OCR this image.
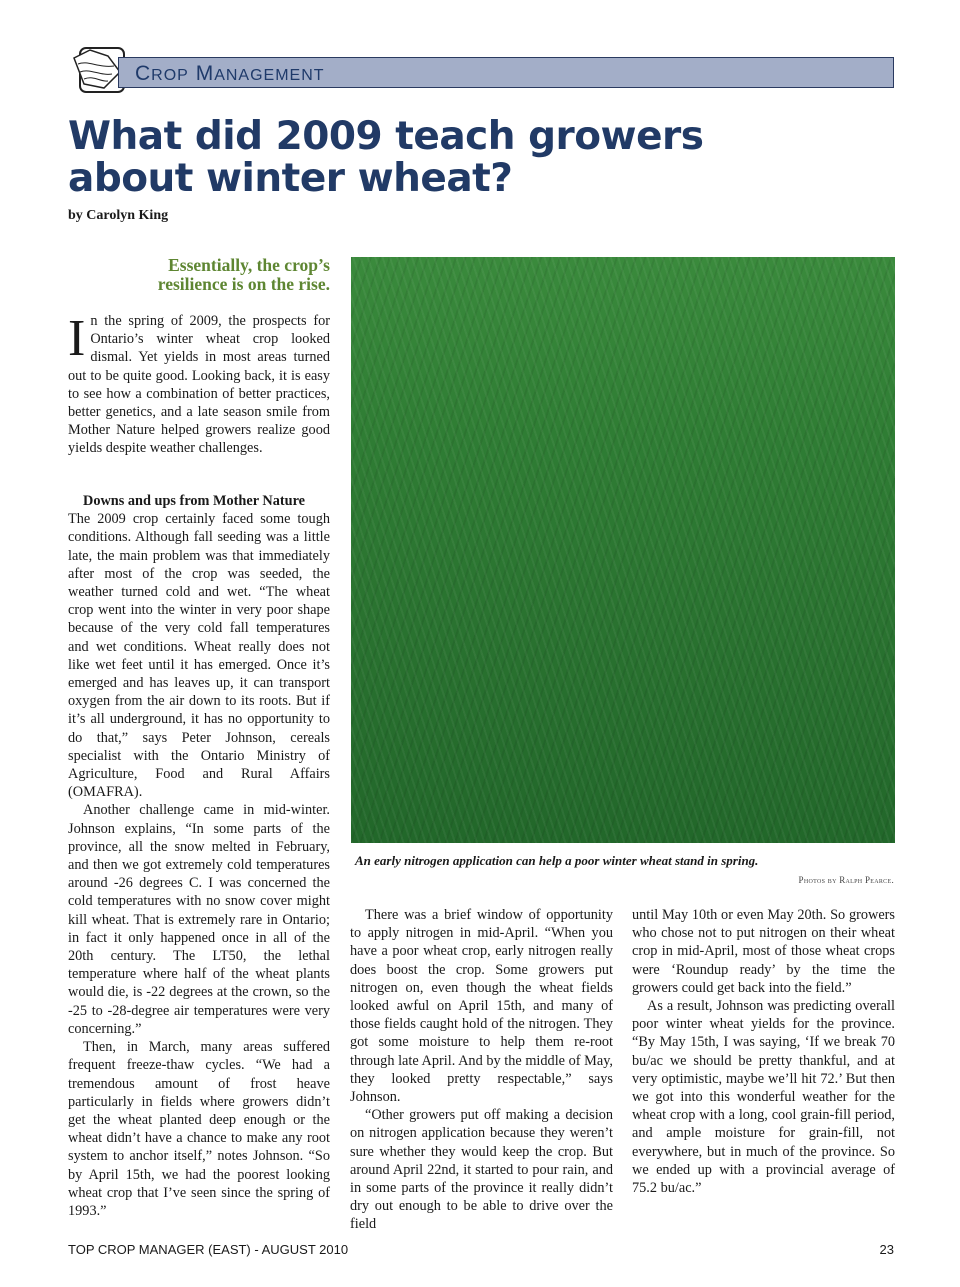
CROP MANAGEMENT
What did 2009 teach growers about winter wheat?
by Carolyn King
Essentially, the crop’s resilience is on the rise.

In the spring of 2009, the prospects for Ontario’s winter wheat crop looked dismal. Yet yields in most areas turned out to be quite good. Looking back, it is easy to see how a combination of better practices, better genetics, and a late season smile from Mother Nature helped growers realize good yields despite weather challenges.

Downs and ups from Mother Nature

The 2009 crop certainly faced some tough conditions. Although fall seeding was a little late, the main problem was that immediately after most of the crop was seeded, the weather turned cold and wet. “The wheat crop went into the winter in very poor shape because of the very cold fall temperatures and wet conditions. Wheat really does not like wet feet until it has emerged. Once it’s emerged and has leaves up, it can transport oxygen from the air down to its roots. But if it’s all underground, it has no opportunity to do that,” says Peter Johnson, cereals specialist with the Ontario Ministry of Agriculture, Food and Rural Affairs (OMAFRA).

Another challenge came in mid-winter. Johnson explains, “In some parts of the province, all the snow melted in February, and then we got extremely cold temperatures around -26 degrees C. I was concerned the cold temperatures with no snow cover might kill wheat. That is extremely rare in Ontario; in fact it only happened once in all of the 20th century. The LT50, the lethal temperature where half of the wheat plants would die, is -22 degrees at the crown, so the -25 to -28-degree air temperatures were very concerning.”

Then, in March, many areas suffered frequent freeze-thaw cycles. “We had a tremendous amount of frost heave particularly in fields where growers didn’t get the wheat planted deep enough or the wheat didn’t have a chance to make any root system to anchor itself,” notes Johnson. “So by April 15th, we had the poorest looking wheat crop that I’ve seen since the spring of 1993.”

An early nitrogen application can help a poor winter wheat stand in spring.
Photos by Ralph Pearce.

There was a brief window of opportunity to apply nitrogen in mid-April. “When you have a poor wheat crop, early nitrogen really does boost the crop. Some growers put nitrogen on, even though the wheat fields looked awful on April 15th, and many of those fields caught hold of the nitrogen. They got some moisture to help them re-root through late April. And by the middle of May, they looked pretty respectable,” says Johnson.

“Other growers put off making a decision on nitrogen application because they weren’t sure whether they would keep the crop. But around April 22nd, it started to pour rain, and in some parts of the province it really didn’t dry out enough to be able to drive over the field

until May 10th or even May 20th. So growers who chose not to put nitrogen on their wheat crop in mid-April, most of those wheat crops were ‘Roundup ready’ by the time the growers could get back into the field.”

As a result, Johnson was predicting overall poor winter wheat yields for the province. “By May 15th, I was saying, ‘If we break 70 bu/ac we should be pretty thankful, and at very optimistic, maybe we’ll hit 72.’ But then we got into this wonderful weather for the wheat crop with a long, cool grain-fill period, and ample moisture for grain-fill, not everywhere, but in much of the province. So we ended up with a provincial average of 75.2 bu/ac.”

TOP CROP MANAGER (EAST) - AUGUST 2010	23
